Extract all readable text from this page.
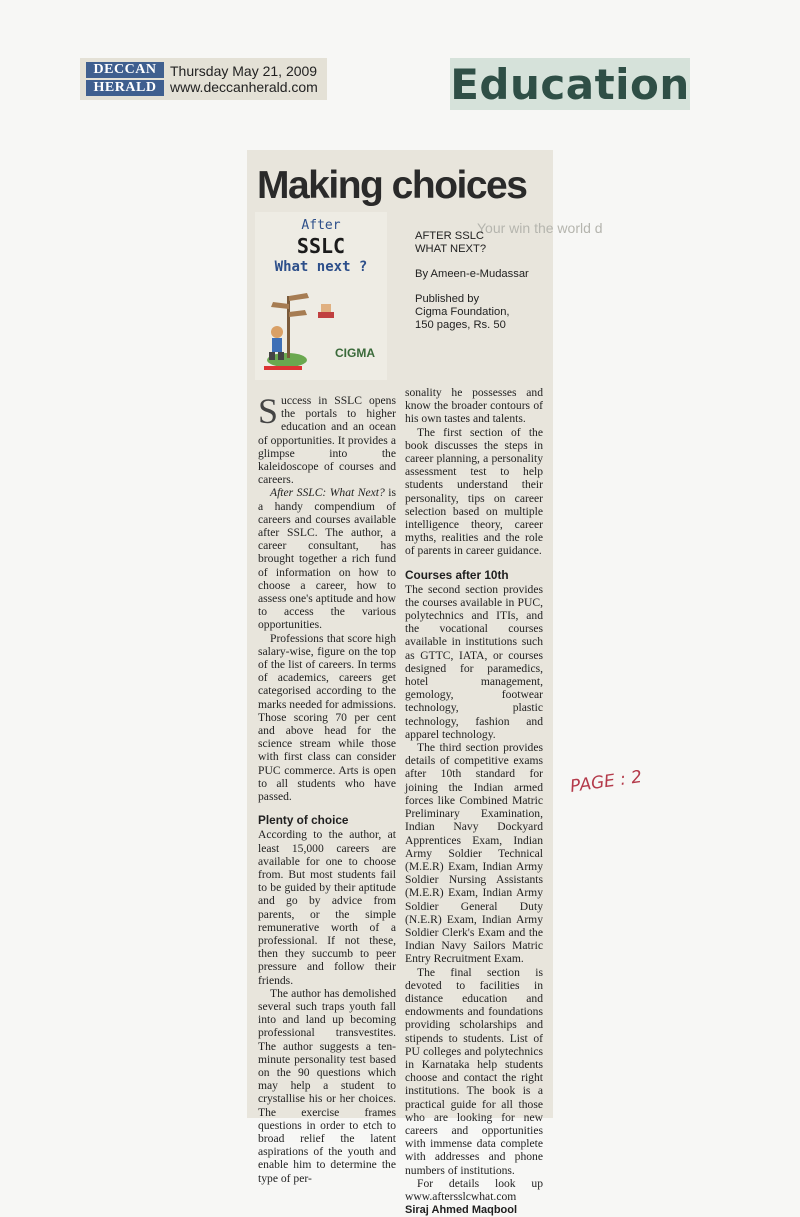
DECCAN
HERALD
Thursday May 21, 2009
www.deccanherald.com	Education
Making choices
Your win the world d
After
SSLC
What next ?
CIGMA
AFTER SSLC
WHAT NEXT?
By Ameen-e-Mudassar
Published by
Cigma Foundation,
150 pages, Rs. 50

Success in SSLC opens the portals to higher education and an ocean of opportunities. It provides a glimpse into the kaleidoscope of courses and careers.

After SSLC: What Next? is a handy compendium of careers and courses available after SSLC. The author, a career consultant, has brought together a rich fund of information on how to choose a career, how to assess one's aptitude and how to access the various opportunities.

Professions that score high salary-wise, figure on the top of the list of careers. In terms of academics, careers get categorised according to the marks needed for admissions. Those scoring 70 per cent and above head for the science stream while those with first class can consider PUC commerce. Arts is open to all students who have passed.

Plenty of choice

According to the author, at least 15,000 careers are available for one to choose from. But most students fail to be guided by their aptitude and go by advice from parents, or the simple remunerative worth of a professional. If not these, then they succumb to peer pressure and follow their friends.

The author has demolished several such traps youth fall into and land up becoming professional transvestites. The author suggests a ten-minute personality test based on the 90 questions which may help a student to crystallise his or her choices. The exercise frames questions in order to etch to broad relief the latent aspirations of the youth and enable him to determine the type of per-

sonality he possesses and know the broader contours of his own tastes and talents.

The first section of the book discusses the steps in career planning, a personality assessment test to help students understand their personality, tips on career selection based on multiple intelligence theory, career myths, realities and the role of parents in career guidance.

Courses after 10th

The second section provides the courses available in PUC, polytechnics and ITIs, and the vocational courses available in institutions such as GTTC, IATA, or courses designed for paramedics, hotel management, gemology, footwear technology, plastic technology, fashion and apparel technology.

The third section provides details of competitive exams after 10th standard for joining the Indian armed forces like Combined Matric Preliminary Examination, Indian Navy Dockyard Apprentices Exam, Indian Army Soldier Technical (M.E.R) Exam, Indian Army Soldier Nursing Assistants (M.E.R) Exam, Indian Army Soldier General Duty (N.E.R) Exam, Indian Army Soldier Clerk's Exam and the Indian Navy Sailors Matric Entry Recruitment Exam.

The final section is devoted to facilities in distance education and endowments and foundations providing scholarships and stipends to students. List of PU colleges and polytechnics in Karnataka help students choose and contact the right institutions. The book is a practical guide for all those who are looking for new careers and opportunities with immense data complete with addresses and phone numbers of institutions.

For details look up www.aftersslcwhat.com

Siraj Ahmed Maqbool
PAGE : 2
